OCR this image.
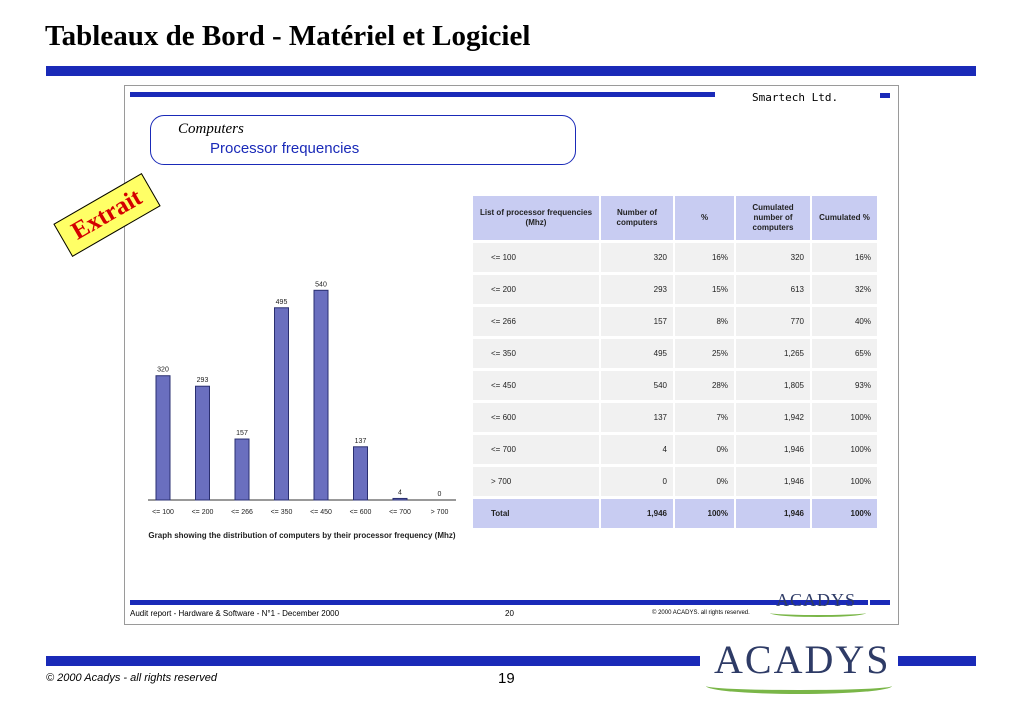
Tableaux de Bord - Matériel et Logiciel
Smartech Ltd.
Computers
Processor frequencies
Extrait
320
<= 100
293
<= 200
157
<= 266
495
<= 350
540
<= 450
137
<= 600
4
<= 700
0
> 700
Graph showing the distribution of computers by their processor frequency (Mhz)
List of processor frequencies (Mhz)	Number of computers	%	Cumulated number of computers	Cumulated %
<= 100	320	16%	320	16%
<= 200	293	15%	613	32%
<= 266	157	8%	770	40%
<= 350	495	25%	1,265	65%
<= 450	540	28%	1,805	93%
<= 600	137	7%	1,942	100%
<= 700	4	0%	1,946	100%
> 700	0	0%	1,946	100%
Total	1,946	100%	1,946	100%
Audit report - Hardware & Software - N°1 - December 2000	20	© 2000 ACADYS. all rights reserved.
ACADYS
ACADYS
© 2000 Acadys - all rights reserved	19
